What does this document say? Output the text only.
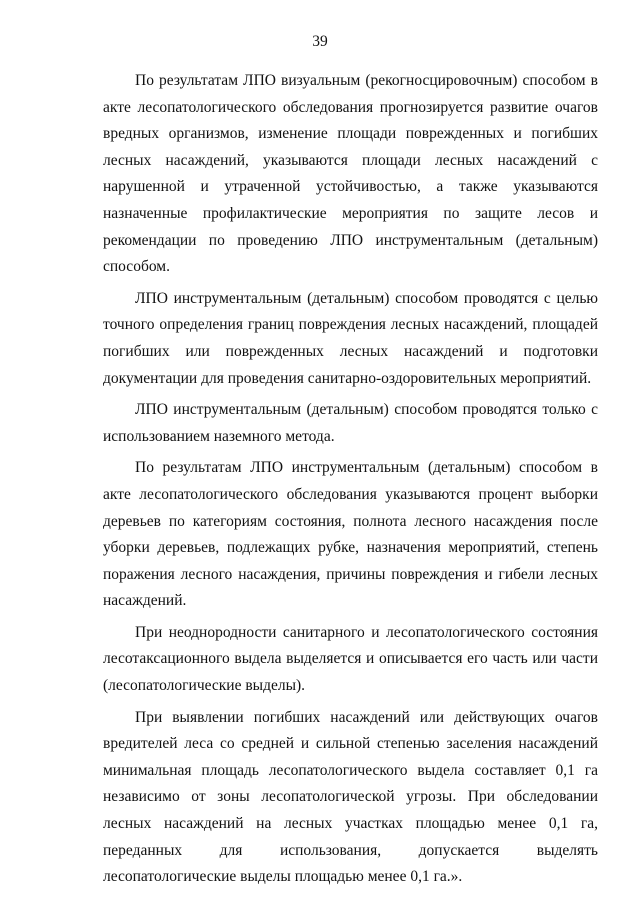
39

По результатам ЛПО визуальным (рекогносцировочным) способом в акте лесопатологического обследования прогнозируется развитие очагов вредных организмов, изменение площади поврежденных и погибших лесных насаждений, указываются площади лесных насаждений с нарушенной и утраченной устойчивостью, а также указываются назначенные профилактические мероприятия по защите лесов и рекомендации по проведению ЛПО инструментальным (детальным) способом.

ЛПО инструментальным (детальным) способом проводятся с целью точного определения границ повреждения лесных насаждений, площадей погибших или поврежденных лесных насаждений и подготовки документации для проведения санитарно-оздоровительных мероприятий.

ЛПО инструментальным (детальным) способом проводятся только с использованием наземного метода.

По результатам ЛПО инструментальным (детальным) способом в акте лесопатологического обследования указываются процент выборки деревьев по категориям состояния, полнота лесного насаждения после уборки деревьев, подлежащих рубке, назначения мероприятий, степень поражения лесного насаждения, причины повреждения и гибели лесных насаждений.

При неоднородности санитарного и лесопатологического состояния лесотаксационного выдела выделяется и описывается его часть или части (лесопатологические выделы).

При выявлении погибших насаждений или действующих очагов вредителей леса со средней и сильной степенью заселения насаждений минимальная площадь лесопатологического выдела составляет 0,1 га независимо от зоны лесопатологической угрозы. При обследовании лесных насаждений на лесных участках площадью менее 0,1 га, переданных для использования, допускается выделять лесопатологические выделы площадью менее 0,1 га.».
